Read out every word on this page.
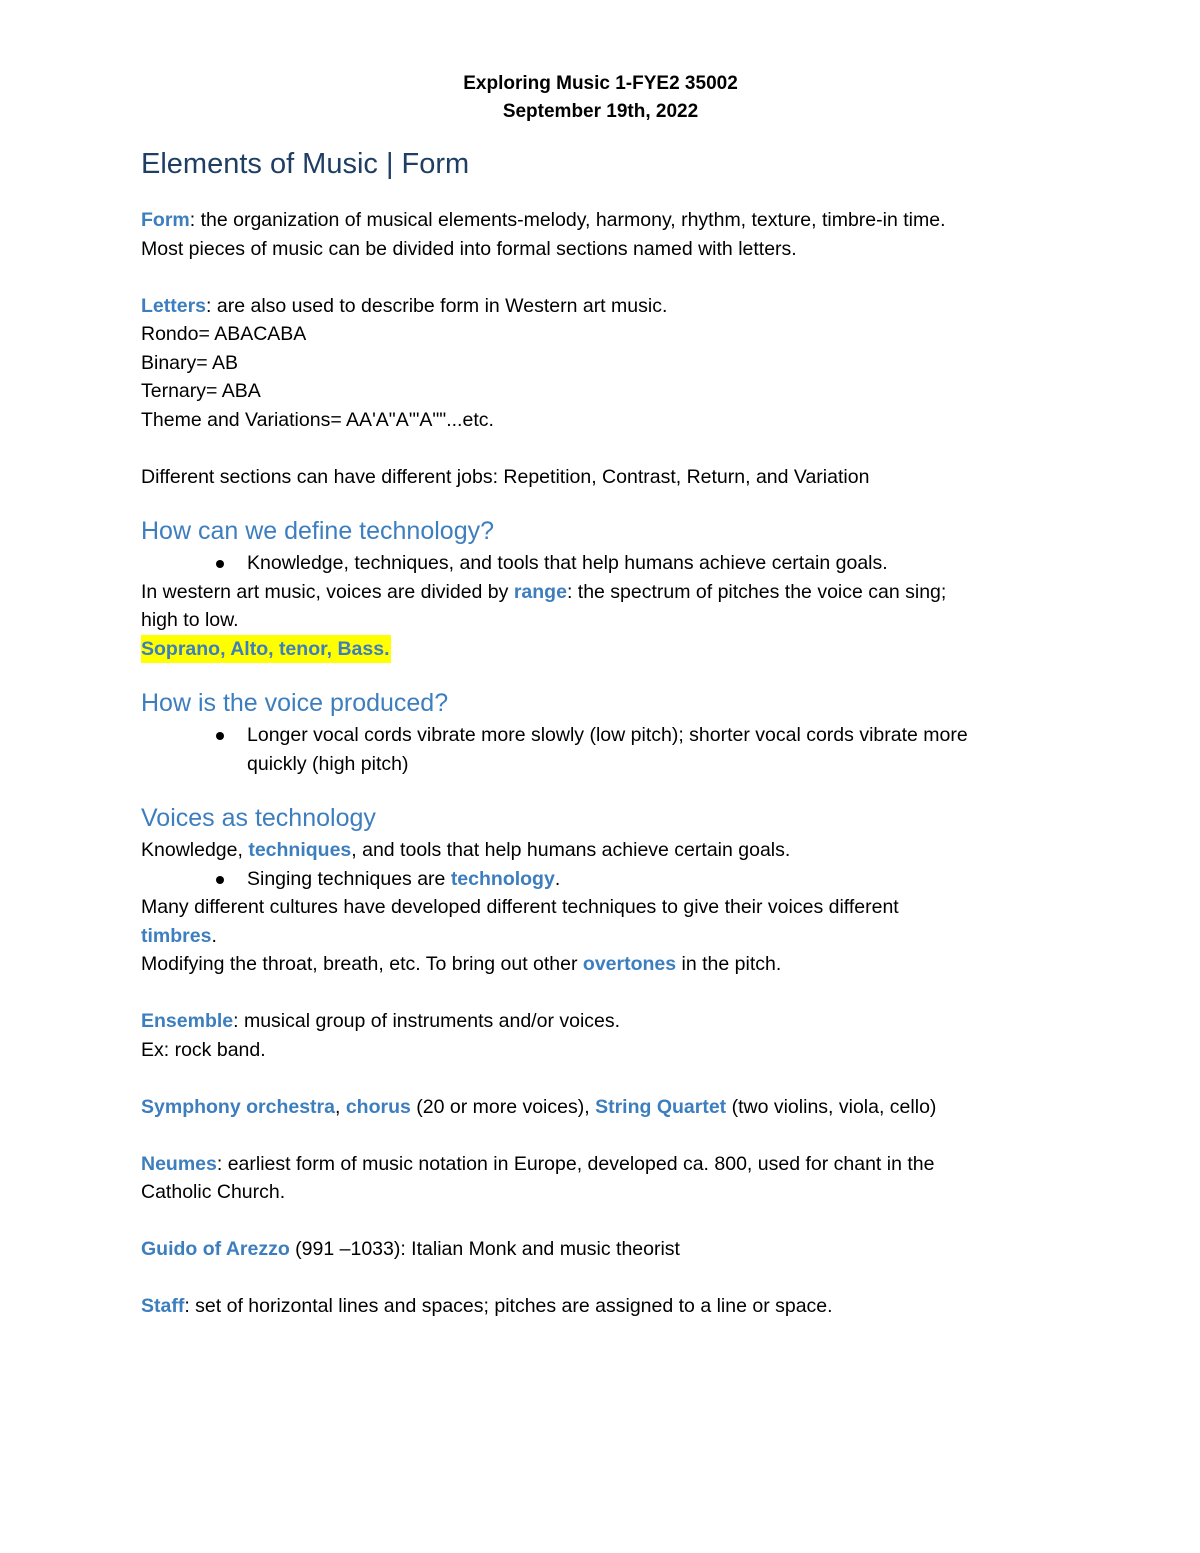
Exploring Music 1-FYE2 35002
September 19th, 2022
Elements of Music | Form

Form: the organization of musical elements-melody, harmony, rhythm, texture, timbre-in time.

Most pieces of music can be divided into formal sections named with letters.

Letters: are also used to describe form in Western art music.

Rondo= ABACABA

Binary= AB

Ternary= ABA

Theme and Variations= AA'A"A'"A""...etc.

Different sections can have different jobs: Repetition, Contrast, Return, and Variation

How can we define technology?
Knowledge, techniques, and tools that help humans achieve certain goals.

In western art music, voices are divided by range: the spectrum of pitches the voice can sing;

high to low.

Soprano, Alto, tenor, Bass.

How is the voice produced?
Longer vocal cords vibrate more slowly (low pitch); shorter vocal cords vibrate more
quickly (high pitch)
Voices as technology

Knowledge, techniques, and tools that help humans achieve certain goals.

Singing techniques are technology.

Many different cultures have developed different techniques to give their voices different

timbres.

Modifying the throat, breath, etc. To bring out other overtones in the pitch.

Ensemble: musical group of instruments and/or voices.

Ex: rock band.

Symphony orchestra, chorus (20 or more voices), String Quartet (two violins, viola, cello)

Neumes: earliest form of music notation in Europe, developed ca. 800, used for chant in the

Catholic Church.

Guido of Arezzo (991 –1033): Italian Monk and music theorist

Staff: set of horizontal lines and spaces; pitches are assigned to a line or space.
